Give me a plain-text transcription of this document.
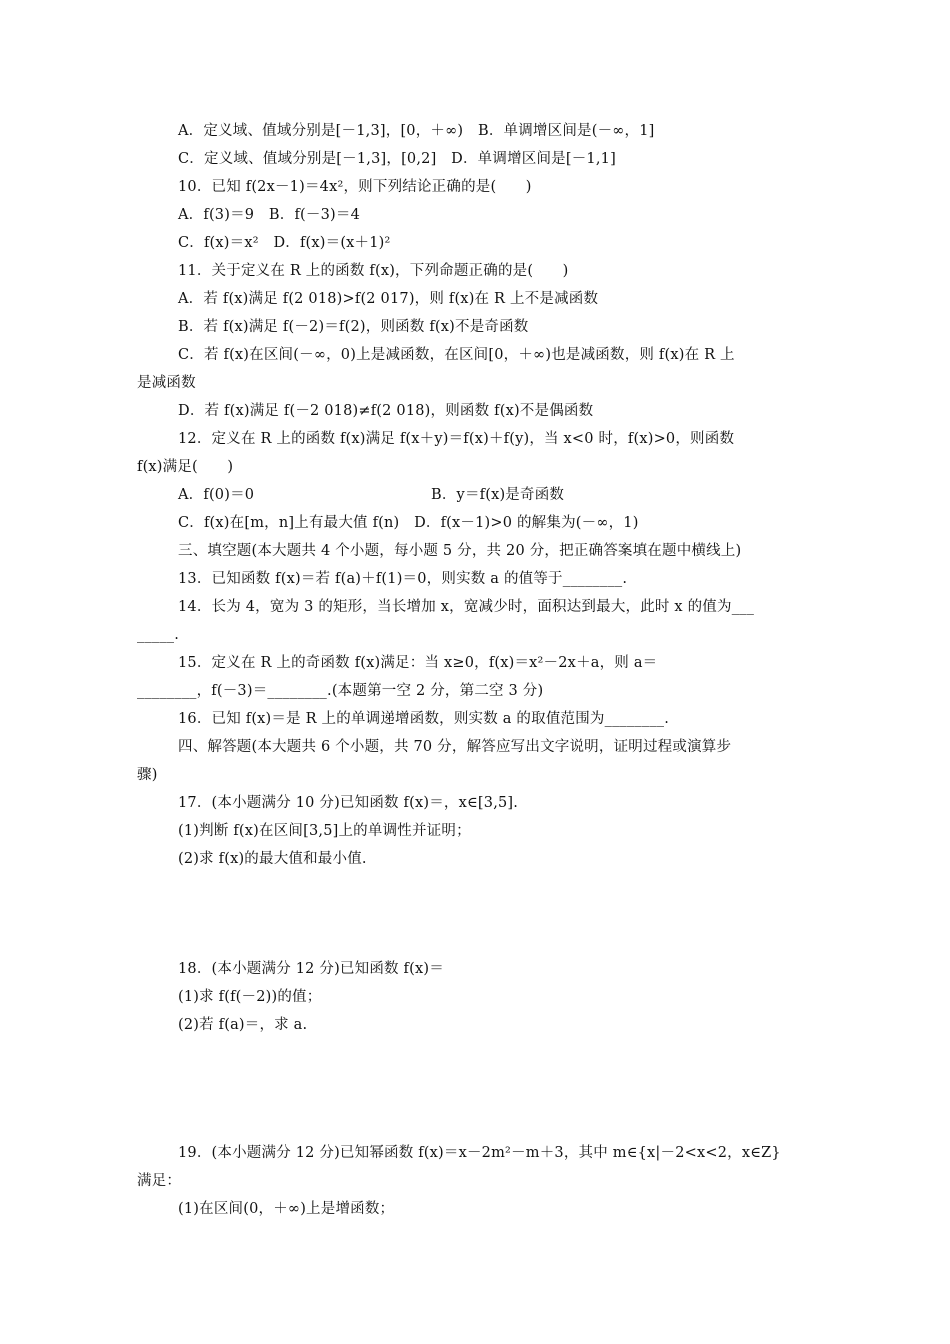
A．定义域、值域分别是[－1,3]，[0，＋∞)　B．单调增区间是(－∞，1]
C．定义域、值域分别是[－1,3]，[0,2]　D．单调增区间是[－1,1]
10．已知 f(2x－1)＝4x²，则下列结论正确的是(　　)
A．f(3)＝9　B．f(－3)＝4
C．f(x)＝x²　D．f(x)＝(x＋1)²
11．关于定义在 R 上的函数 f(x)，下列命题正确的是(　　)
A．若 f(x)满足 f(2 018)>f(2 017)，则 f(x)在 R 上不是减函数
B．若 f(x)满足 f(－2)＝f(2)，则函数 f(x)不是奇函数
C．若 f(x)在区间(－∞，0)上是减函数，在区间[0，＋∞)也是减函数，则 f(x)在 R 上
是减函数
D．若 f(x)满足 f(－2 018)≠f(2 018)，则函数 f(x)不是偶函数
12．定义在 R 上的函数 f(x)满足 f(x＋y)＝f(x)＋f(y)，当 x<0 时，f(x)>0，则函数
f(x)满足(　　)
A．f(0)＝0	B．y＝f(x)是奇函数
C．f(x)在[m，n]上有最大值 f(n)　D．f(x－1)>0 的解集为(－∞，1)
三、填空题(本大题共 4 个小题，每小题 5 分，共 20 分，把正确答案填在题中横线上)
13．已知函数 f(x)＝若 f(a)＋f(1)＝0，则实数 a 的值等于________.
14．长为 4，宽为 3 的矩形，当长增加 x，宽减少时，面积达到最大，此时 x 的值为___
_____.
15．定义在 R 上的奇函数 f(x)满足：当 x≥0，f(x)＝x²－2x＋a，则 a＝
________，f(－3)＝________.(本题第一空 2 分，第二空 3 分)
16．已知 f(x)＝是 R 上的单调递增函数，则实数 a 的取值范围为________.
四、解答题(本大题共 6 个小题，共 70 分，解答应写出文字说明，证明过程或演算步
骤)
17．(本小题满分 10 分)已知函数 f(x)＝，x∈[3,5].
(1)判断 f(x)在区间[3,5]上的单调性并证明；
(2)求 f(x)的最大值和最小值.
18．(本小题满分 12 分)已知函数 f(x)＝
(1)求 f(f(－2))的值；
(2)若 f(a)＝，求 a.
19．(本小题满分 12 分)已知幂函数 f(x)＝x－2m²－m＋3，其中 m∈{x|－2<x<2，x∈Z}
满足：
(1)在区间(0，＋∞)上是增函数；
